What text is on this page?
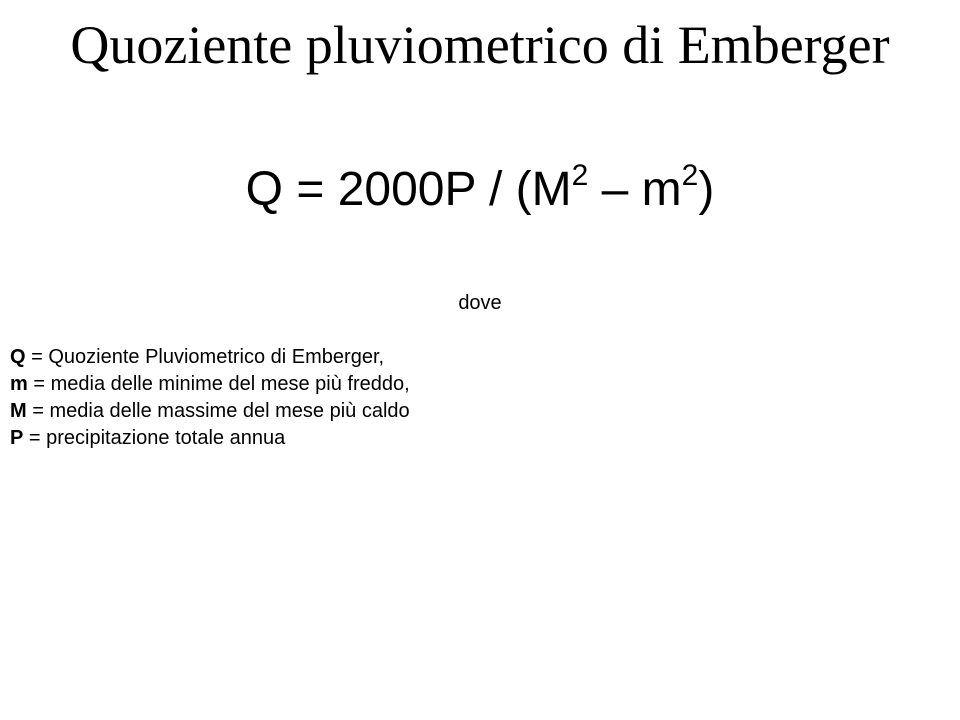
Quoziente pluviometrico di Emberger
$Q = 2000P / (M^2 - m^2)$
dove
Q = Quoziente Pluviometrico di Emberger,
m = media delle minime del mese più freddo,
M = media delle massime del mese più caldo
P = precipitazione totale annua
